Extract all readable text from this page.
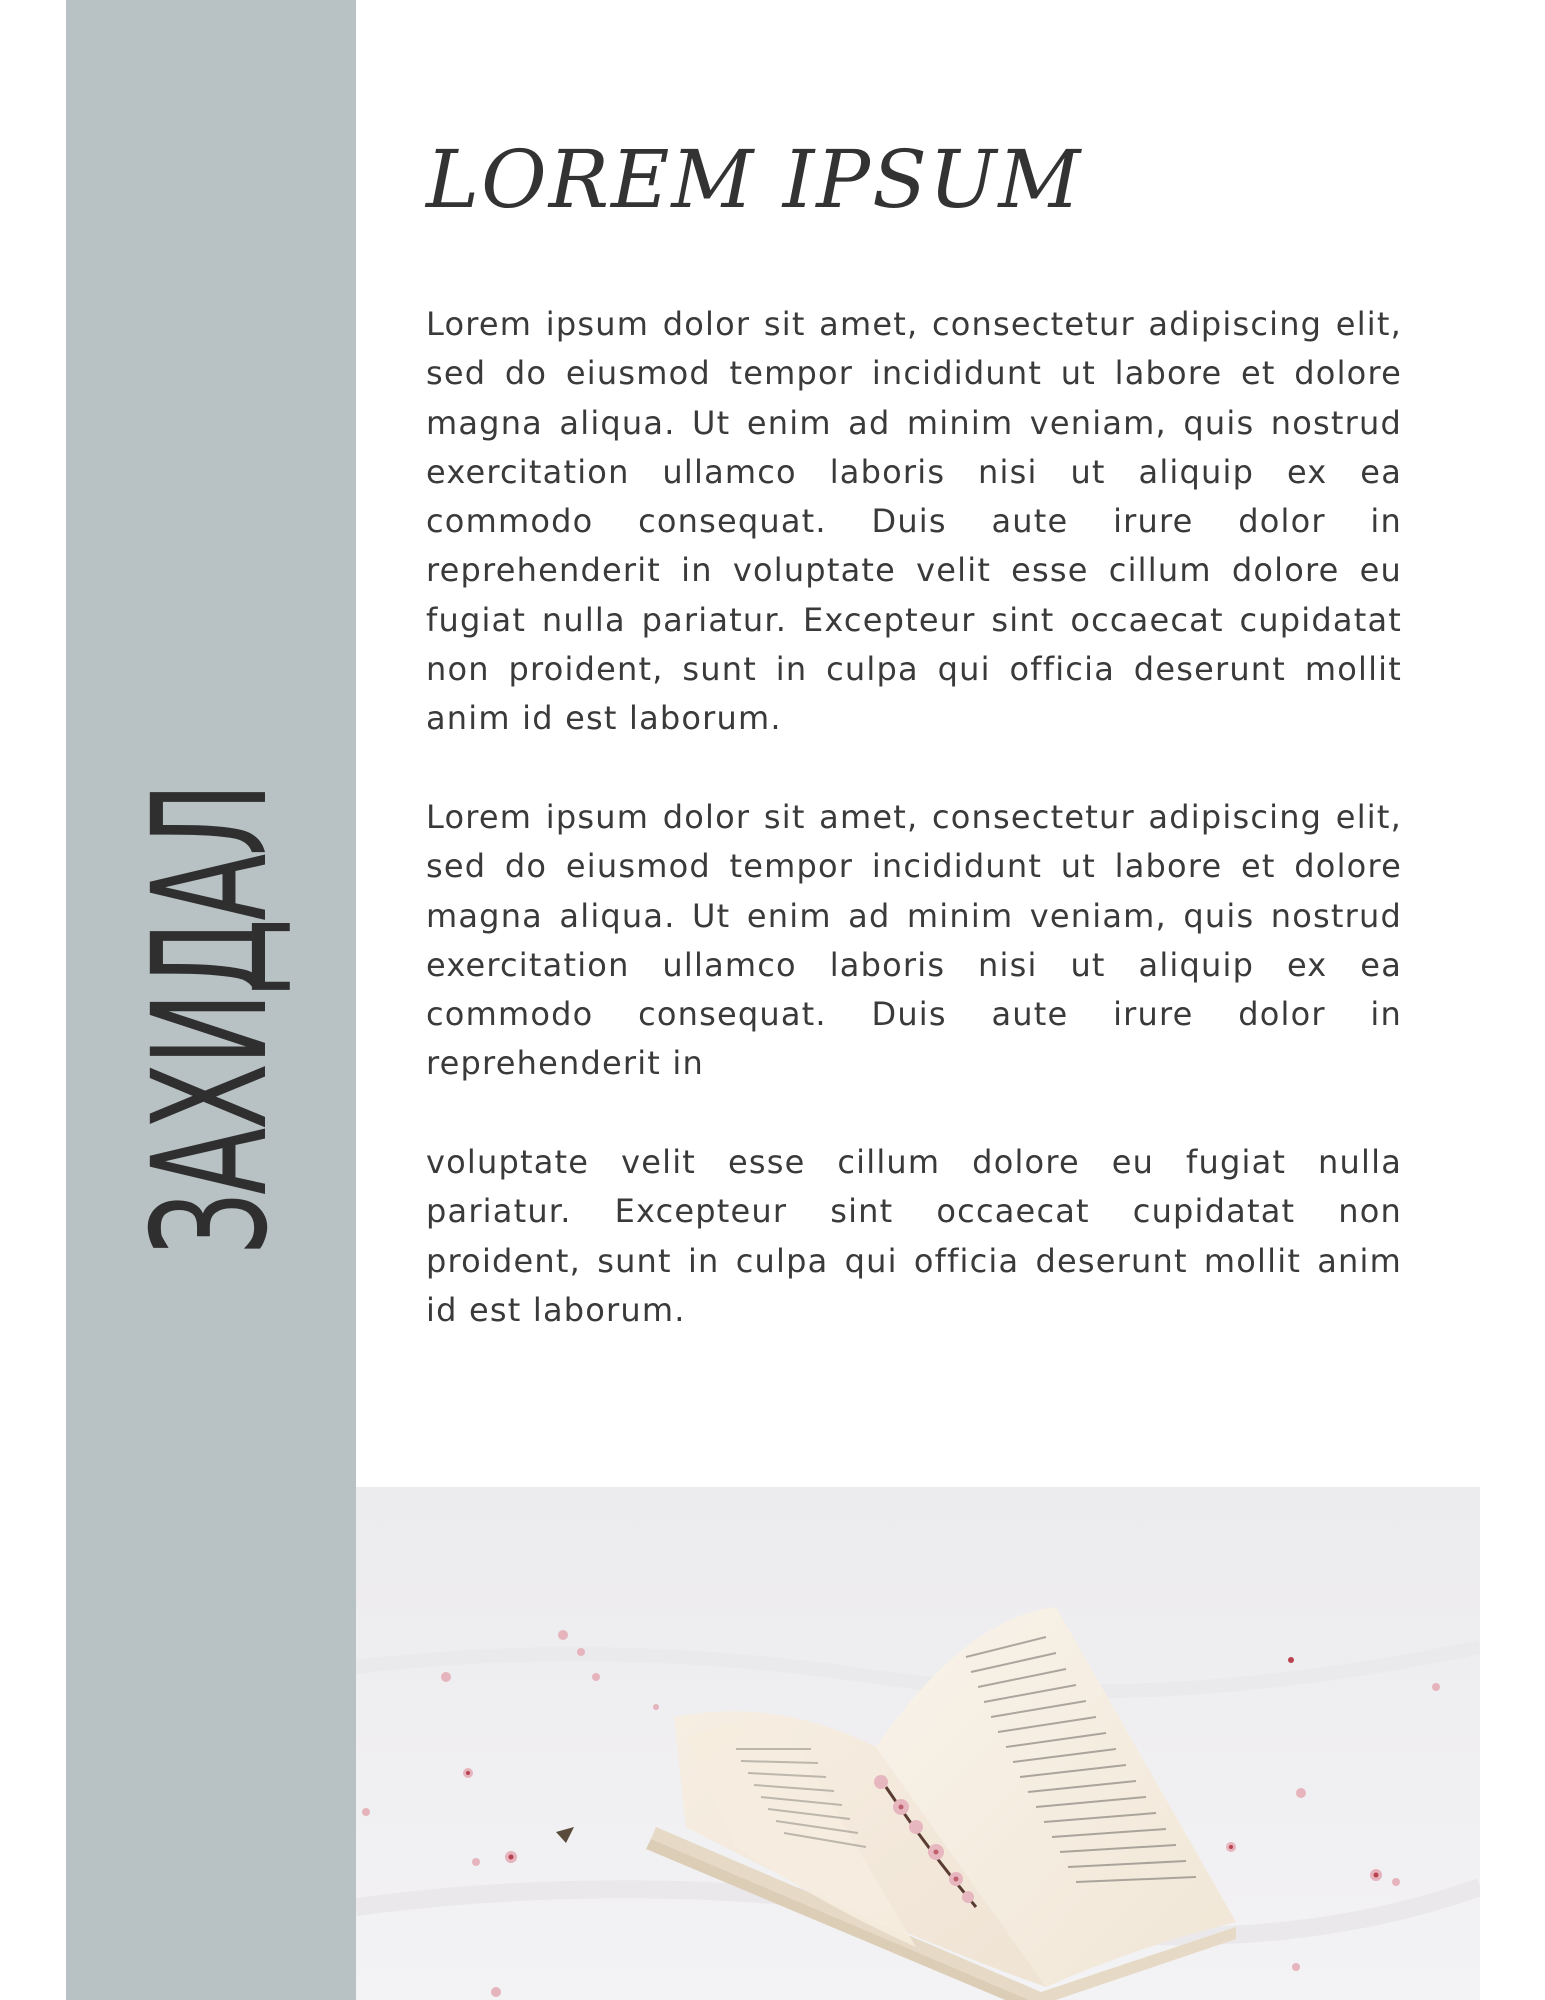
ЗАХИДАЛ
LOREM IPSUM

Lorem ipsum dolor sit amet, consectetur adipiscing elit, sed do eiusmod tempor incididunt ut labore et dolore magna aliqua. Ut enim ad minim veniam, quis nostrud exercitation ullamco laboris nisi ut aliquip ex ea commodo consequat. Duis aute irure dolor in reprehenderit in voluptate velit esse cillum dolore eu fugiat nulla pariatur. Excepteur sint occaecat cupidatat non proident, sunt in culpa qui officia deserunt mollit anim id est laborum.

Lorem ipsum dolor sit amet, consectetur adipiscing elit, sed do eiusmod tempor incididunt ut labore et dolore magna aliqua. Ut enim ad minim veniam, quis nostrud exercitation ullamco laboris nisi ut aliquip ex ea commodo consequat. Duis aute irure dolor in reprehenderit in

voluptate velit esse cillum dolore eu fugiat nulla pariatur. Excepteur sint occaecat cupidatat non proident, sunt in culpa qui officia deserunt mollit anim id est laborum.
